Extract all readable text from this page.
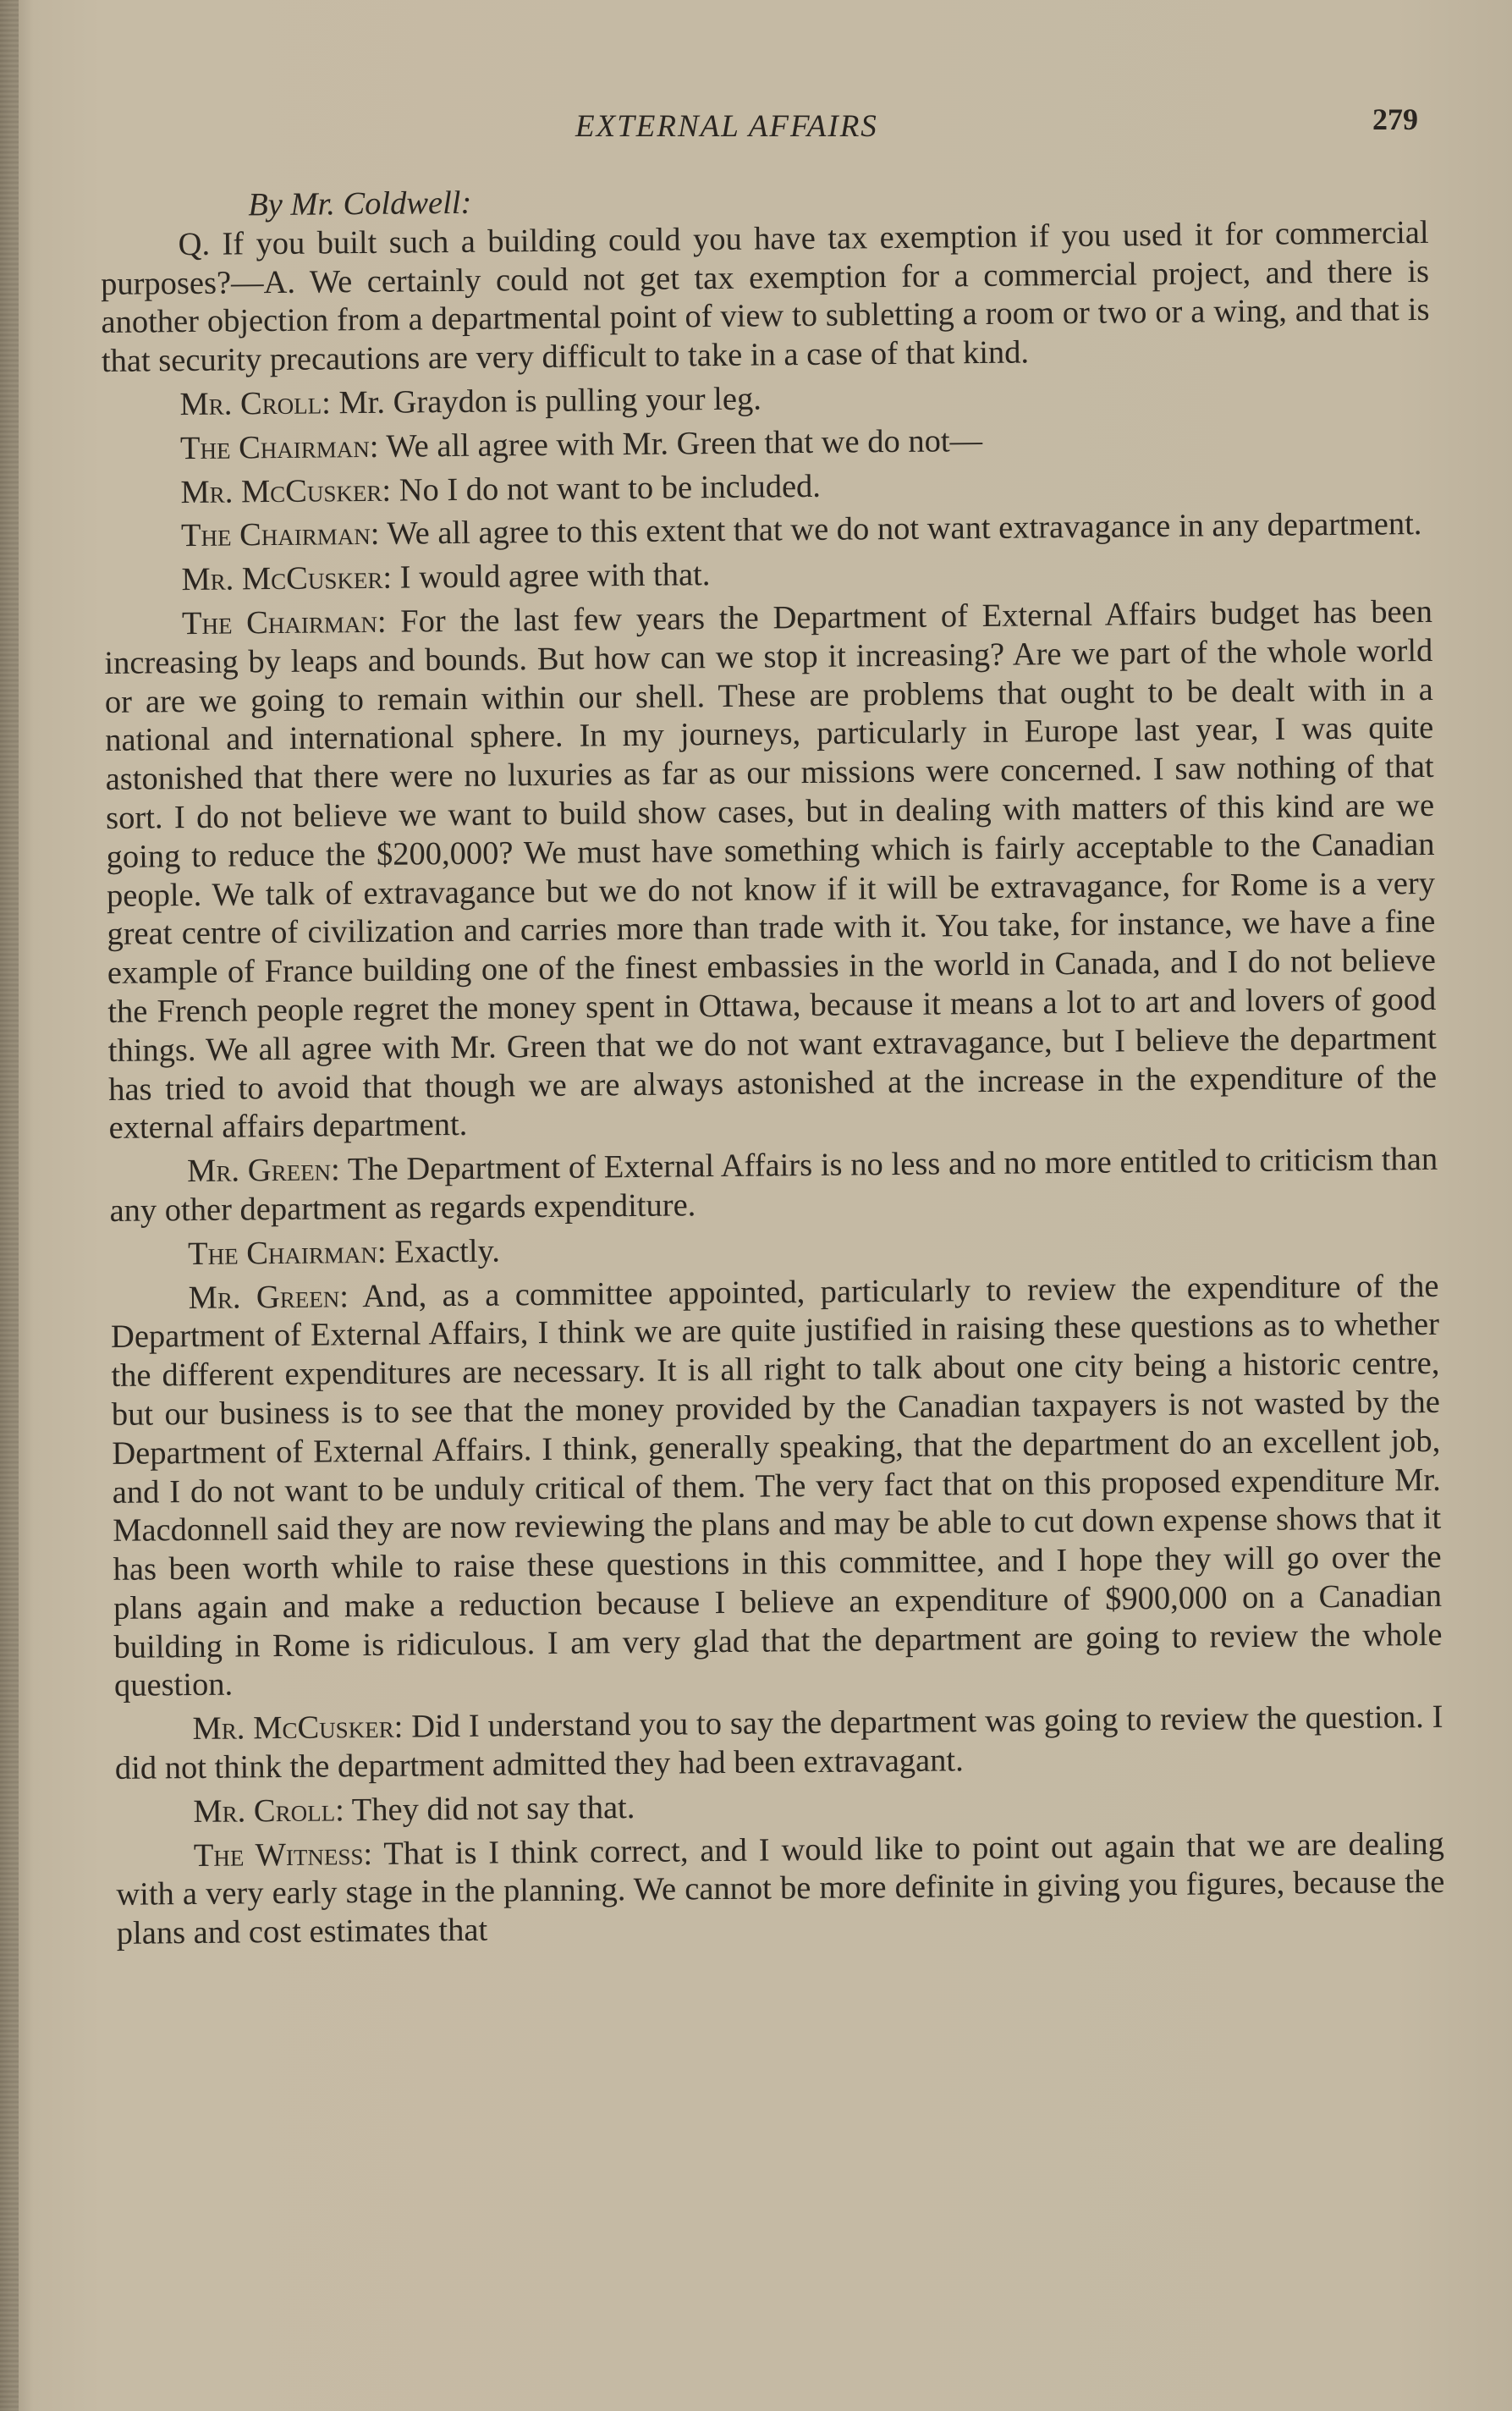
EXTERNAL AFFAIRS	279

By Mr. Coldwell:

Q. If you built such a building could you have tax exemption if you used it for commercial purposes?—A. We certainly could not get tax exemption for a commercial project, and there is another objection from a departmental point of view to subletting a room or two or a wing, and that is that security precautions are very difficult to take in a case of that kind.

Mr. Croll: Mr. Graydon is pulling your leg.

The Chairman: We all agree with Mr. Green that we do not—

Mr. McCusker: No I do not want to be included.

The Chairman: We all agree to this extent that we do not want extravagance in any department.

Mr. McCusker: I would agree with that.

The Chairman: For the last few years the Department of External Affairs budget has been increasing by leaps and bounds. But how can we stop it increasing? Are we part of the whole world or are we going to remain within our shell. These are problems that ought to be dealt with in a national and international sphere. In my journeys, particularly in Europe last year, I was quite astonished that there were no luxuries as far as our missions were concerned. I saw nothing of that sort. I do not believe we want to build show cases, but in dealing with matters of this kind are we going to reduce the $200,000? We must have something which is fairly acceptable to the Canadian people. We talk of extravagance but we do not know if it will be extravagance, for Rome is a very great centre of civilization and carries more than trade with it. You take, for instance, we have a fine example of France building one of the finest embassies in the world in Canada, and I do not believe the French people regret the money spent in Ottawa, because it means a lot to art and lovers of good things. We all agree with Mr. Green that we do not want extravagance, but I believe the department has tried to avoid that though we are always astonished at the increase in the expenditure of the external affairs department.

Mr. Green: The Department of External Affairs is no less and no more entitled to criticism than any other department as regards expenditure.

The Chairman: Exactly.

Mr. Green: And, as a committee appointed, particularly to review the expenditure of the Department of External Affairs, I think we are quite justified in raising these questions as to whether the different expenditures are necessary. It is all right to talk about one city being a historic centre, but our business is to see that the money provided by the Canadian taxpayers is not wasted by the Department of External Affairs. I think, generally speaking, that the department do an excellent job, and I do not want to be unduly critical of them. The very fact that on this proposed expenditure Mr. Macdonnell said they are now reviewing the plans and may be able to cut down expense shows that it has been worth while to raise these questions in this committee, and I hope they will go over the plans again and make a reduction because I believe an expenditure of $900,000 on a Canadian building in Rome is ridiculous. I am very glad that the department are going to review the whole question.

Mr. McCusker: Did I understand you to say the department was going to review the question. I did not think the department admitted they had been extravagant.

Mr. Croll: They did not say that.

The Witness: That is I think correct, and I would like to point out again that we are dealing with a very early stage in the planning. We cannot be more definite in giving you figures, because the plans and cost estimates that
